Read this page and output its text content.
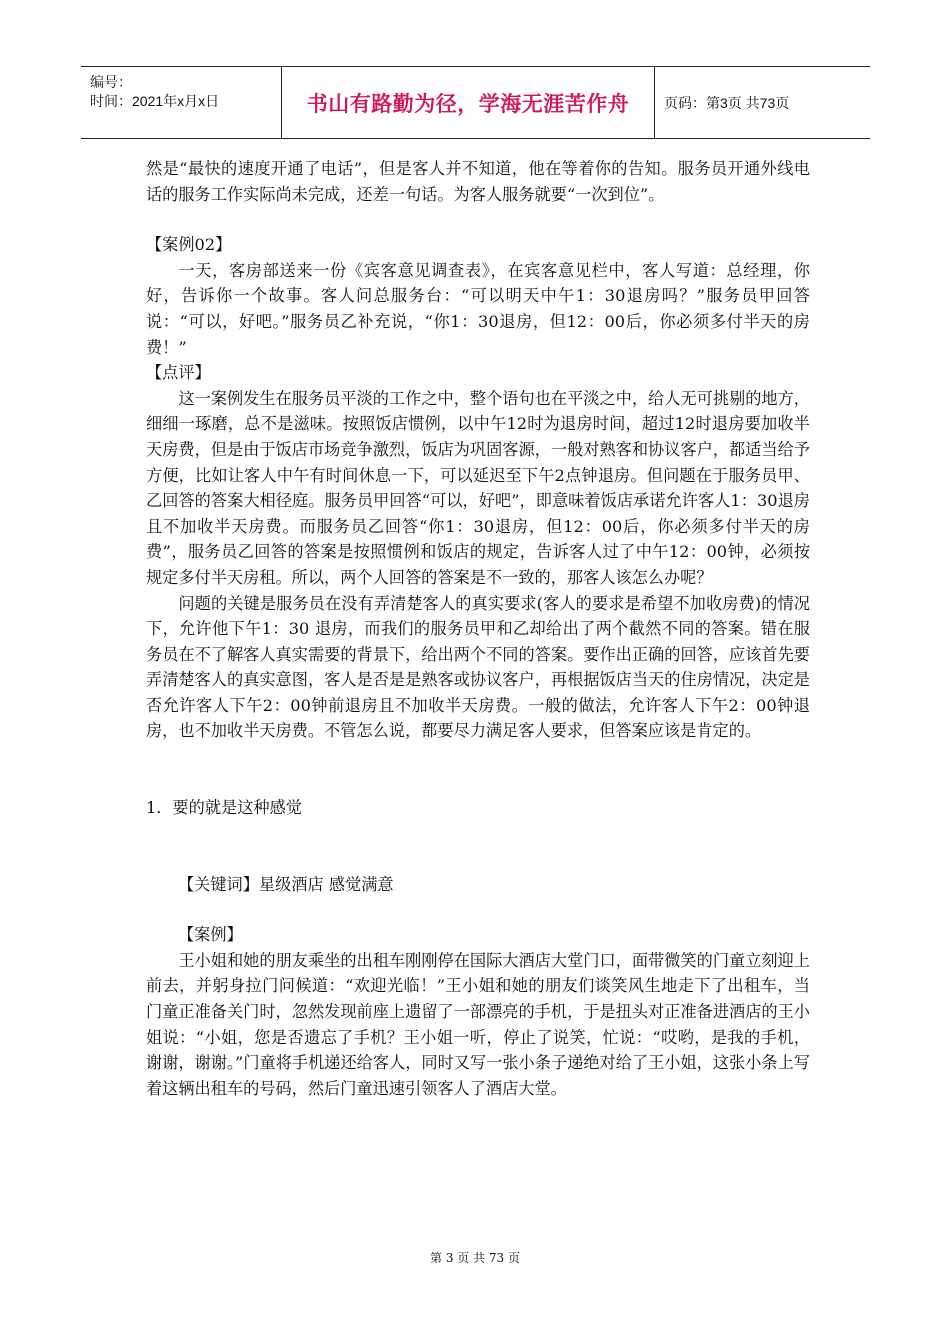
编号：
时间：2021年x月x日	书山有路勤为径，学海无涯苦作舟	页码：第3页 共73页

然是“最快的速度开通了电话”，但是客人并不知道，他在等着你的告知。服务员开通外线电话的服务工作实际尚未完成，还差一句话。为客人服务就要“一次到位”。

【案例02】

一天，客房部送来一份《宾客意见调查表》，在宾客意见栏中，客人写道：总经理，你好，告诉你一个故事。客人问总服务台：“可以明天中午1：30退房吗？”服务员甲回答说：“可以，好吧。”服务员乙补充说，“你1：30退房，但12：00后，你必须多付半天的房费！”

【点评】

这一案例发生在服务员平淡的工作之中，整个语句也在平淡之中，给人无可挑剔的地方，细细一琢磨，总不是滋味。按照饭店惯例，以中午12时为退房时间，超过12时退房要加收半天房费，但是由于饭店市场竞争激烈，饭店为巩固客源，一般对熟客和协议客户，都适当给予方便，比如让客人中午有时间休息一下，可以延迟至下午2点钟退房。但问题在于服务员甲、乙回答的答案大相径庭。服务员甲回答“可以，好吧”，即意味着饭店承诺允许客人1：30退房且不加收半天房费。而服务员乙回答“你1：30退房，但12：00后，你必须多付半天的房费”，服务员乙回答的答案是按照惯例和饭店的规定，告诉客人过了中午12：00钟，必须按规定多付半天房租。所以，两个人回答的答案是不一致的，那客人该怎么办呢？

问题的关键是服务员在没有弄清楚客人的真实要求(客人的要求是希望不加收房费)的情况下，允许他下午1：30 退房，而我们的服务员甲和乙却给出了两个截然不同的答案。错在服务员在不了解客人真实需要的背景下，给出两个不同的答案。要作出正确的回答，应该首先要弄清楚客人的真实意图，客人是否是是熟客或协议客户，再根据饭店当天的住房情况，决定是否允许客人下午2：00钟前退房且不加收半天房费。一般的做法，允许客人下午2：00钟退房，也不加收半天房费。不管怎么说，都要尽力满足客人要求，但答案应该是肯定的。

1．要的就是这种感觉

【关键词】星级酒店 感觉满意

【案例】

王小姐和她的朋友乘坐的出租车刚刚停在国际大酒店大堂门口，面带微笑的门童立刻迎上前去，并躬身拉门问候道：“欢迎光临！”王小姐和她的朋友们谈笑风生地走下了出租车，当门童正准备关门时，忽然发现前座上遗留了一部漂亮的手机，于是扭头对正准备进酒店的王小姐说：“小姐，您是否遗忘了手机？王小姐一听，停止了说笑，忙说：“哎哟，是我的手机，谢谢，谢谢。”门童将手机递还给客人，同时又写一张小条子递绝对给了王小姐，这张小条上写着这辆出租车的号码，然后门童迅速引领客人了酒店大堂。

第 3 页 共 73 页
